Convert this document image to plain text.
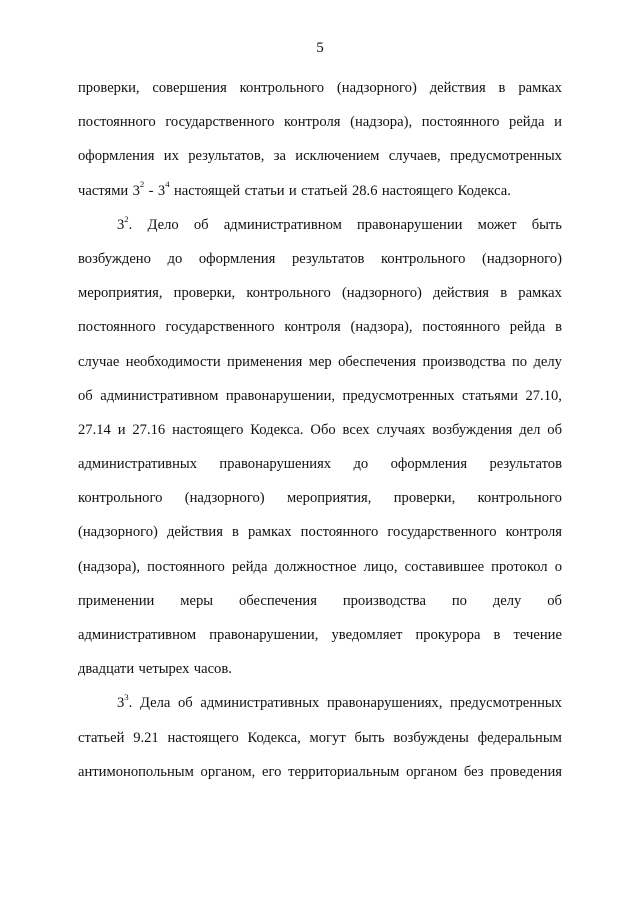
5
проверки, совершения контрольного (надзорного) действия в рамках
постоянного государственного контроля (надзора), постоянного рейда и
оформления их результатов, за исключением случаев, предусмотренных
частями $3^2 - 3^4$ настоящей статьи и статьей 28.6 настоящего Кодекса.
$3^2$. Дело об административном правонарушении может быть
возбуждено до оформления результатов контрольного (надзорного)
мероприятия, проверки, контрольного (надзорного) действия в рамках
постоянного государственного контроля (надзора), постоянного рейда в
случае необходимости применения мер обеспечения производства по делу
об административном правонарушении, предусмотренных статьями 27.10,
27.14 и 27.16 настоящего Кодекса. Обо всех случаях возбуждения дел об
административных правонарушениях до оформления результатов
контрольного (надзорного) мероприятия, проверки, контрольного
(надзорного) действия в рамках постоянного государственного контроля
(надзора), постоянного рейда должностное лицо, составившее протокол о
применении меры обеспечения производства по делу об
административном правонарушении, уведомляет прокурора в течение
двадцати четырех часов.
$3^3$. Дела об административных правонарушениях, предусмотренных
статьей 9.21 настоящего Кодекса, могут быть возбуждены федеральным
антимонопольным органом, его территориальным органом без проведения
